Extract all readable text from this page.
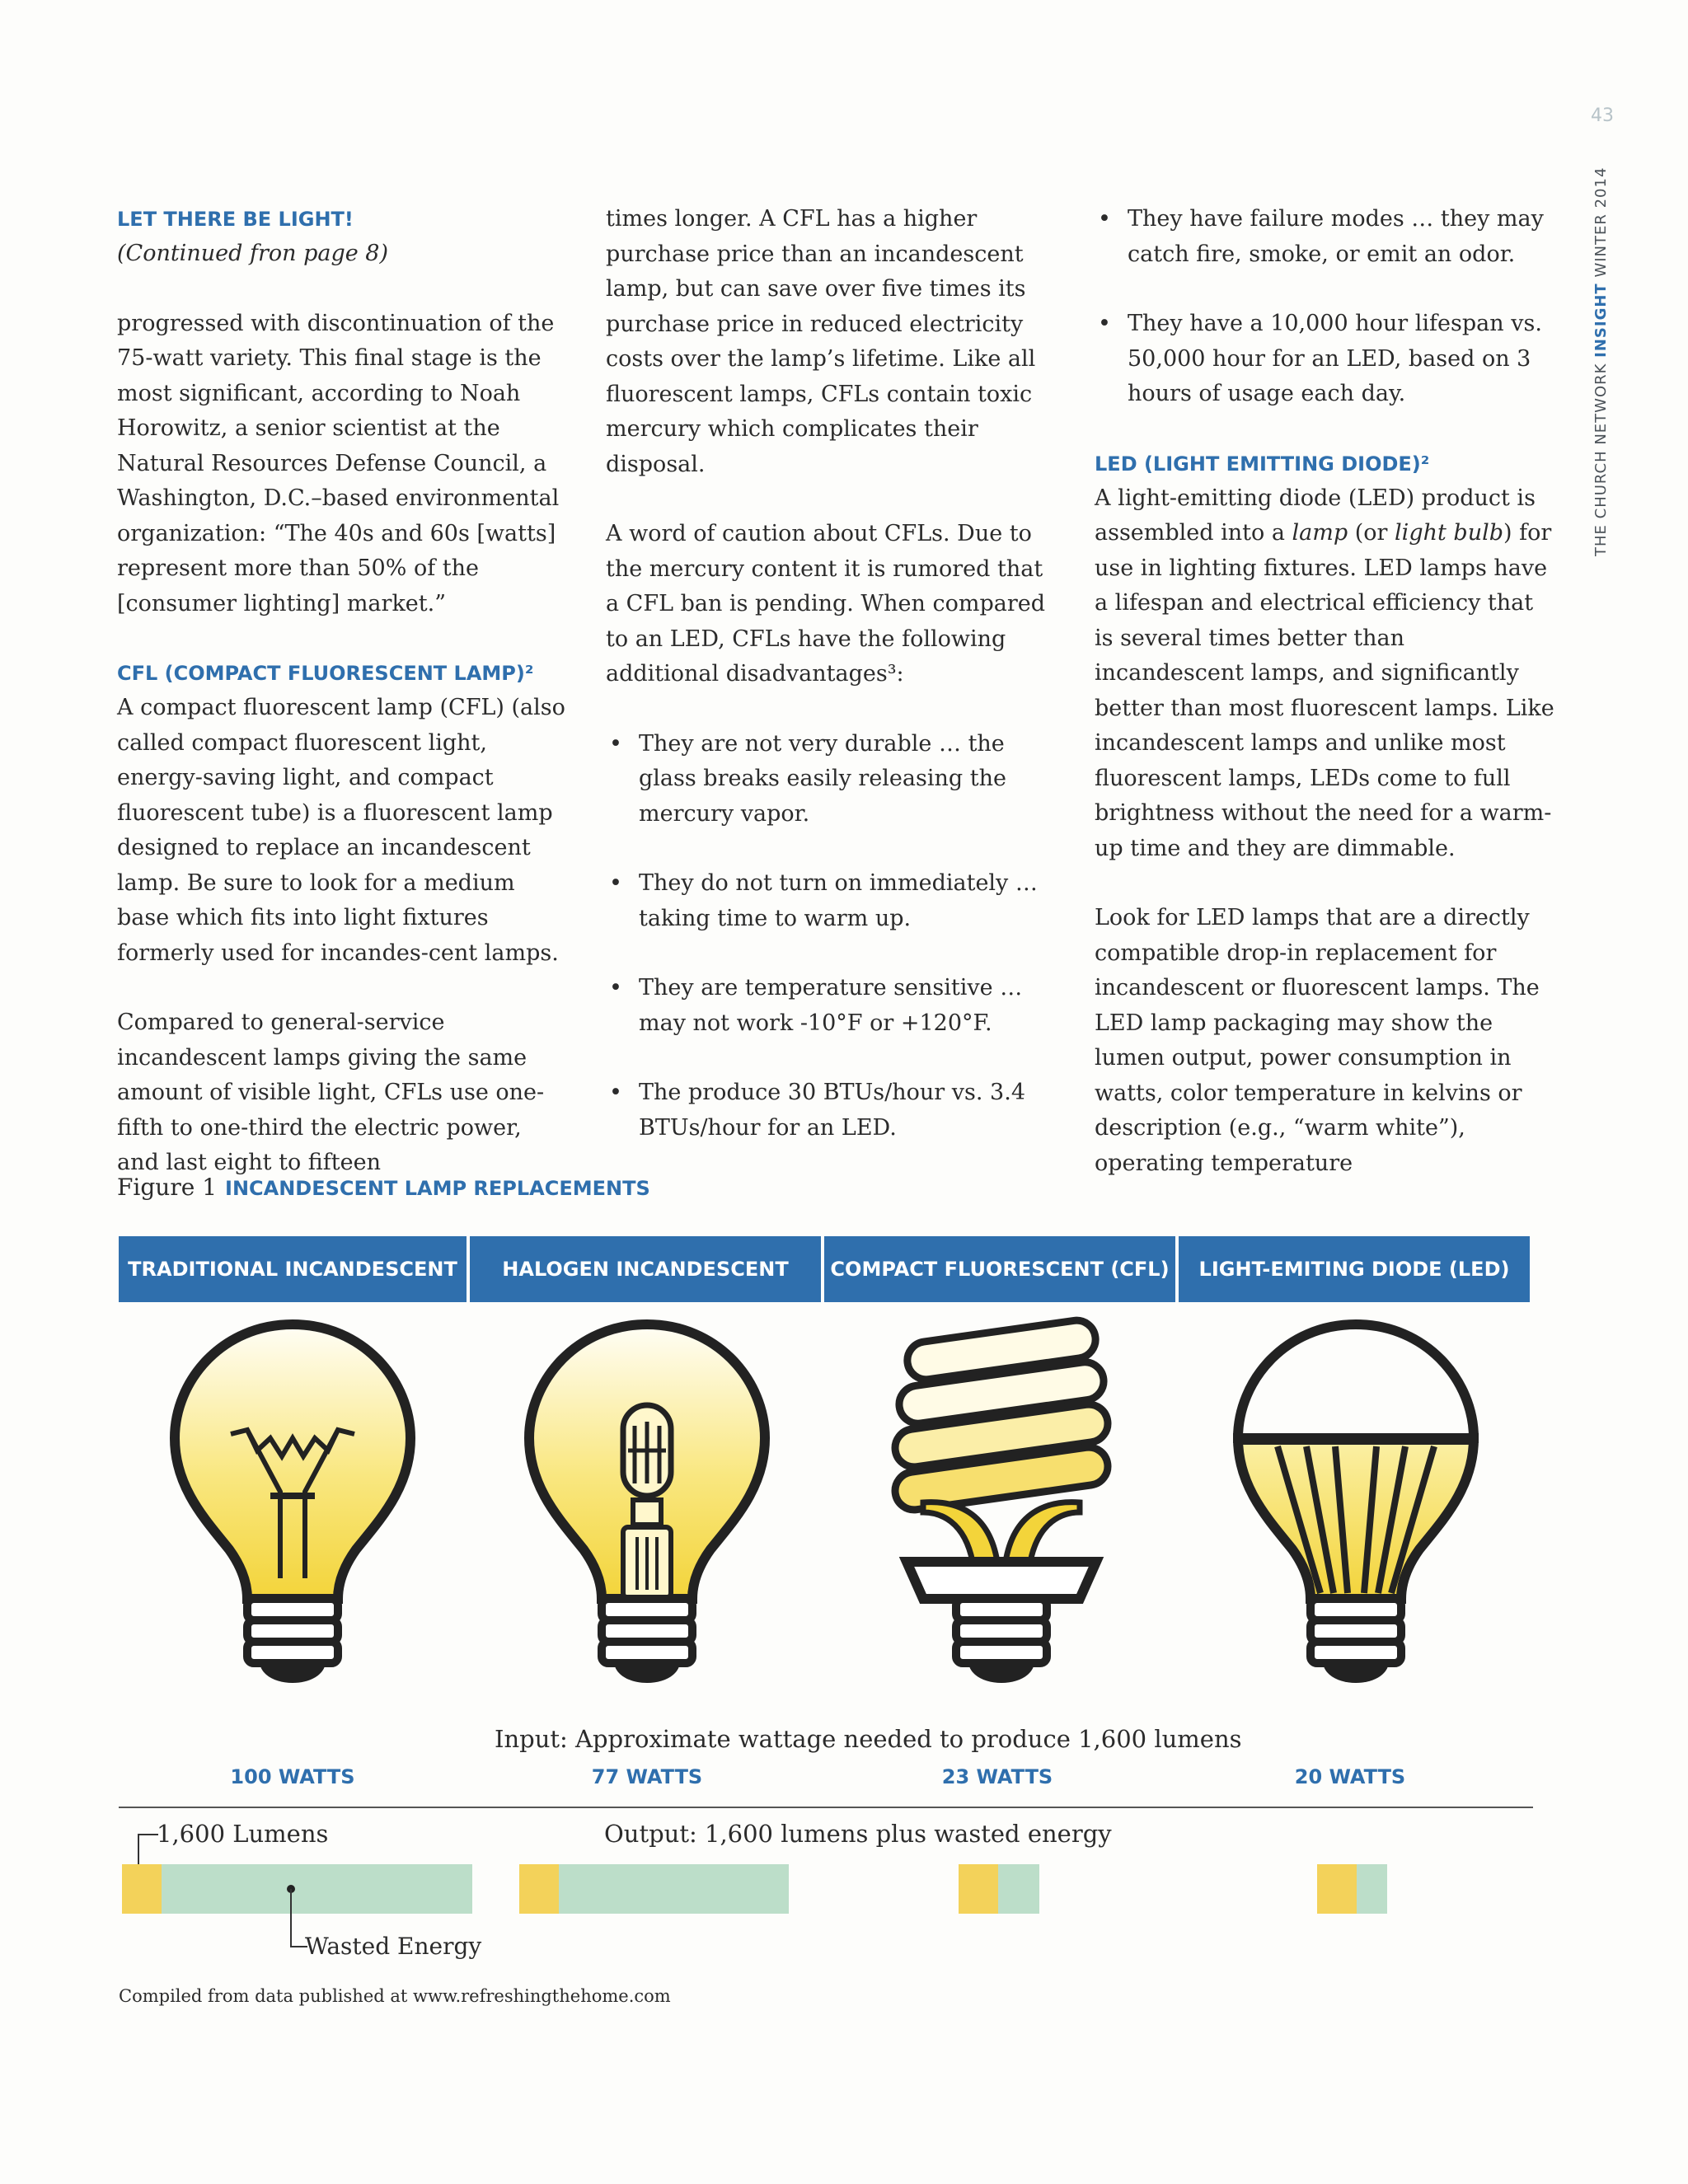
43
THE CHURCH NETWORK INSIGHT WINTER 2014

LET THERE BE LIGHT!

(Continued fron page 8)

progressed with discontinuation of the 75-watt variety. This final stage is the most significant, according to Noah Horowitz, a senior scientist at the Natural Resources Defense Council, a Washington, D.C.–based environmental organization: “The 40s and 60s [watts] represent more than 50% of the [consumer lighting] market.”

CFL (COMPACT FLUORESCENT LAMP)²

A compact fluorescent lamp (CFL) (also called compact fluorescent light, energy-saving light, and compact fluorescent tube) is a fluorescent lamp designed to replace an incandescent lamp. Be sure to look for a medium base which fits into light fixtures formerly used for incandes-cent lamps.

Compared to general-service incandescent lamps giving the same amount of visible light, CFLs use one-fifth to one-third the electric power, and last eight to fifteen

times longer. A CFL has a higher purchase price than an incandescent lamp, but can save over five times its purchase price in reduced electricity costs over the lamp’s lifetime. Like all fluorescent lamps, CFLs contain toxic mercury which complicates their disposal.

A word of caution about CFLs. Due to the mercury content it is rumored that a CFL ban is pending. When compared to an LED, CFLs have the following additional disadvantages³:

• They are not very durable … the glass breaks easily releasing the mercury vapor.

• They do not turn on immediately … taking time to warm up.

• They are temperature sensitive … may not work -10°F or +120°F.

• The produce 30 BTUs/hour vs. 3.4 BTUs/hour for an LED.

• They have failure modes … they may catch fire, smoke, or emit an odor.

• They have a 10,000 hour lifespan vs. 50,000 hour for an LED, based on 3 hours of usage each day.

LED (LIGHT EMITTING DIODE)²

A light-emitting diode (LED) product is assembled into a lamp (or light bulb) for use in lighting fixtures. LED lamps have a lifespan and electrical efficiency that is several times better than incandescent lamps, and significantly better than most fluorescent lamps. Like incandescent lamps and unlike most fluorescent lamps, LEDs come to full brightness without the need for a warm-up time and they are dimmable.

Look for LED lamps that are a directly compatible drop-in replacement for incandescent or fluorescent lamps. The LED lamp packaging may show the lumen output, power consumption in watts, color temperature in kelvins or description (e.g., “warm white”), operating temperature

Figure 1 INCANDESCENT LAMP REPLACEMENTS
TRADITIONAL INCANDESCENT	HALOGEN INCANDESCENT	COMPACT FLUORESCENT (CFL)	LIGHT-EMITING DIODE (LED)
Input: Approximate wattage needed to produce 1,600 lumens
100 WATTS	77 WATTS	23 WATTS	20 WATTS
1,600 Lumens	Output: 1,600 lumens plus wasted energy
Wasted Energy
Compiled from data published at www.refreshingthehome.com
